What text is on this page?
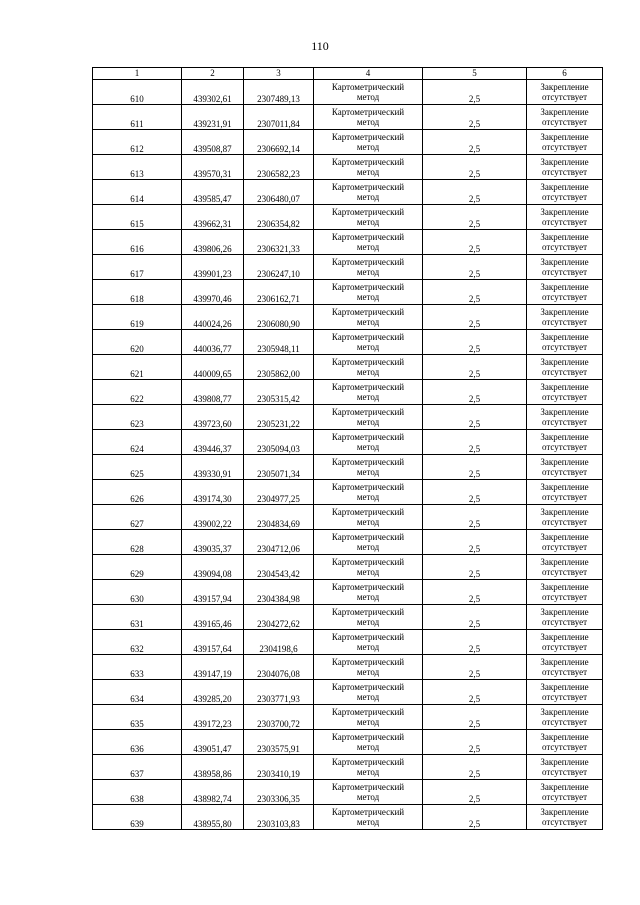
110
1	2	3	4	5	6
610	439302,61	2307489,13	Картометрический
метод	2,5	Закрепление
отсутствует

611	439231,91	2307011,84	Картометрический
метод	2,5	Закрепление
отсутствует

612	439508,87	2306692,14	Картометрический
метод	2,5	Закрепление
отсутствует

613	439570,31	2306582,23	Картометрический
метод	2,5	Закрепление
отсутствует

614	439585,47	2306480,07	Картометрический
метод	2,5	Закрепление
отсутствует

615	439662,31	2306354,82	Картометрический
метод	2,5	Закрепление
отсутствует

616	439806,26	2306321,33	Картометрический
метод	2,5	Закрепление
отсутствует

617	439901,23	2306247,10	Картометрический
метод	2,5	Закрепление
отсутствует

618	439970,46	2306162,71	Картометрический
метод	2,5	Закрепление
отсутствует

619	440024,26	2306080,90	Картометрический
метод	2,5	Закрепление
отсутствует

620	440036,77	2305948,11	Картометрический
метод	2,5	Закрепление
отсутствует

621	440009,65	2305862,00	Картометрический
метод	2,5	Закрепление
отсутствует

622	439808,77	2305315,42	Картометрический
метод	2,5	Закрепление
отсутствует

623	439723,60	2305231,22	Картометрический
метод	2,5	Закрепление
отсутствует

624	439446,37	2305094,03	Картометрический
метод	2,5	Закрепление
отсутствует

625	439330,91	2305071,34	Картометрический
метод	2,5	Закрепление
отсутствует

626	439174,30	2304977,25	Картометрический
метод	2,5	Закрепление
отсутствует

627	439002,22	2304834,69	Картометрический
метод	2,5	Закрепление
отсутствует

628	439035,37	2304712,06	Картометрический
метод	2,5	Закрепление
отсутствует

629	439094,08	2304543,42	Картометрический
метод	2,5	Закрепление
отсутствует

630	439157,94	2304384,98	Картометрический
метод	2,5	Закрепление
отсутствует

631	439165,46	2304272,62	Картометрический
метод	2,5	Закрепление
отсутствует

632	439157,64	2304198,6	Картометрический
метод	2,5	Закрепление
отсутствует

633	439147,19	2304076,08	Картометрический
метод	2,5	Закрепление
отсутствует

634	439285,20	2303771,93	Картометрический
метод	2,5	Закрепление
отсутствует

635	439172,23	2303700,72	Картометрический
метод	2,5	Закрепление
отсутствует

636	439051,47	2303575,91	Картометрический
метод	2,5	Закрепление
отсутствует

637	438958,86	2303410,19	Картометрический
метод	2,5	Закрепление
отсутствует

638	438982,74	2303306,35	Картометрический
метод	2,5	Закрепление
отсутствует

639	438955,80	2303103,83	Картометрический
метод	2,5	Закрепление
отсутствует
